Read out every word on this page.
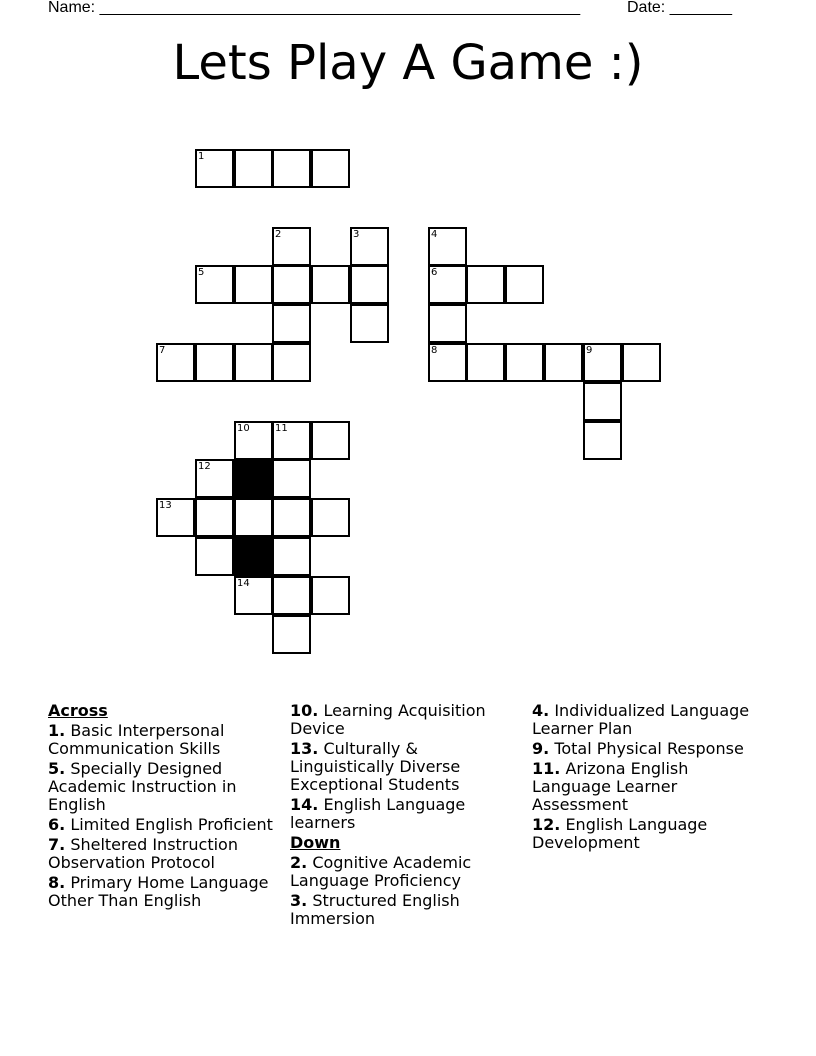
Name: ______________________________________________________	Date: _______
Lets Play A Game :)
1
2	3	4
5	6
7	8	9
10	11
12
13
14
Across
1. Basic Interpersonal Communication Skills
5. Specially Designed Academic Instruction in English
6. Limited English Proficient
7. Sheltered Instruction Observation Protocol
8. Primary Home Language Other Than English
10. Learning Acquisition Device
13. Culturally & Linguistically Diverse Exceptional Students
14. English Language learners
Down
2. Cognitive Academic Language Proficiency
3. Structured English Immersion
4. Individualized Language Learner Plan
9. Total Physical Response
11. Arizona English Language Learner Assessment
12. English Language Development
